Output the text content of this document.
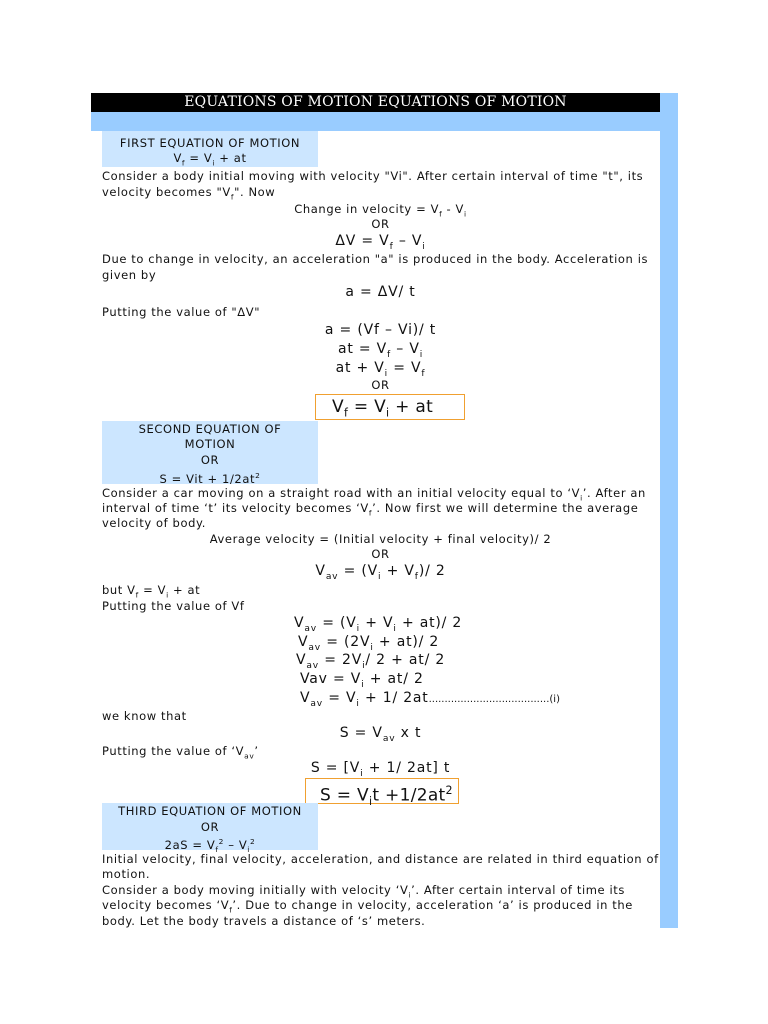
EQUATIONS OF MOTION EQUATIONS OF MOTION
FIRST EQUATION OF MOTION
$V_f = V_i$ + at
Consider a body initial moving with velocity "Vi". After certain interval of time "t", its
velocity becomes "$V_f$". Now
Change in velocity = $V_f - V_i$
OR
$\Delta V = V_f - V_i$
Due to change in velocity, an acceleration "a" is produced in the body. Acceleration is
given by
a = ΔV/ t
Putting the value of "ΔV"
a = (Vf – Vi)/ t
at = $V_f - V_i$
at + $V_i = V_f$
OR
$V_f = V_i$ + at
SECOND EQUATION OF
MOTION
OR
S = Vit + $1/2at^2$
Consider a car moving on a straight road with an initial velocity equal to ‘$V_i$’. After an
interval of time ‘t’ its velocity becomes ‘$V_f$’. Now first we will determine the average
velocity of body.
Average velocity = (Initial velocity + final velocity)/ 2
OR
$V_{av} = (V_i + V_f)/$ 2
but $V_f = V_i$ + at
Putting the value of Vf
$V_{av} = (V_i + V_i + at)/$ 2
$V_{av} = (2V_i + at)/$ 2
$V_{av} = 2V_i/$ 2 + at/ 2
Vav = $V_i + at/$ 2
$V_{av} = V_i + 1/$ 2at......................................(i)
we know that
$S = V_{av}$ x t
Putting the value of ‘$V_{av}$’
$S = [V_i + 1/$ 2at] t
$S = V_it +1/2at^2$
THIRD EQUATION OF MOTION
OR
$2aS = V_f^2 - V_i^2$
Initial velocity, final velocity, acceleration, and distance are related in third equation of
motion.
Consider a body moving initially with velocity ‘$V_i$’. After certain interval of time its
velocity becomes ‘$V_f$’. Due to change in velocity, acceleration ‘a’ is produced in the
body. Let the body travels a distance of ‘s’ meters.
